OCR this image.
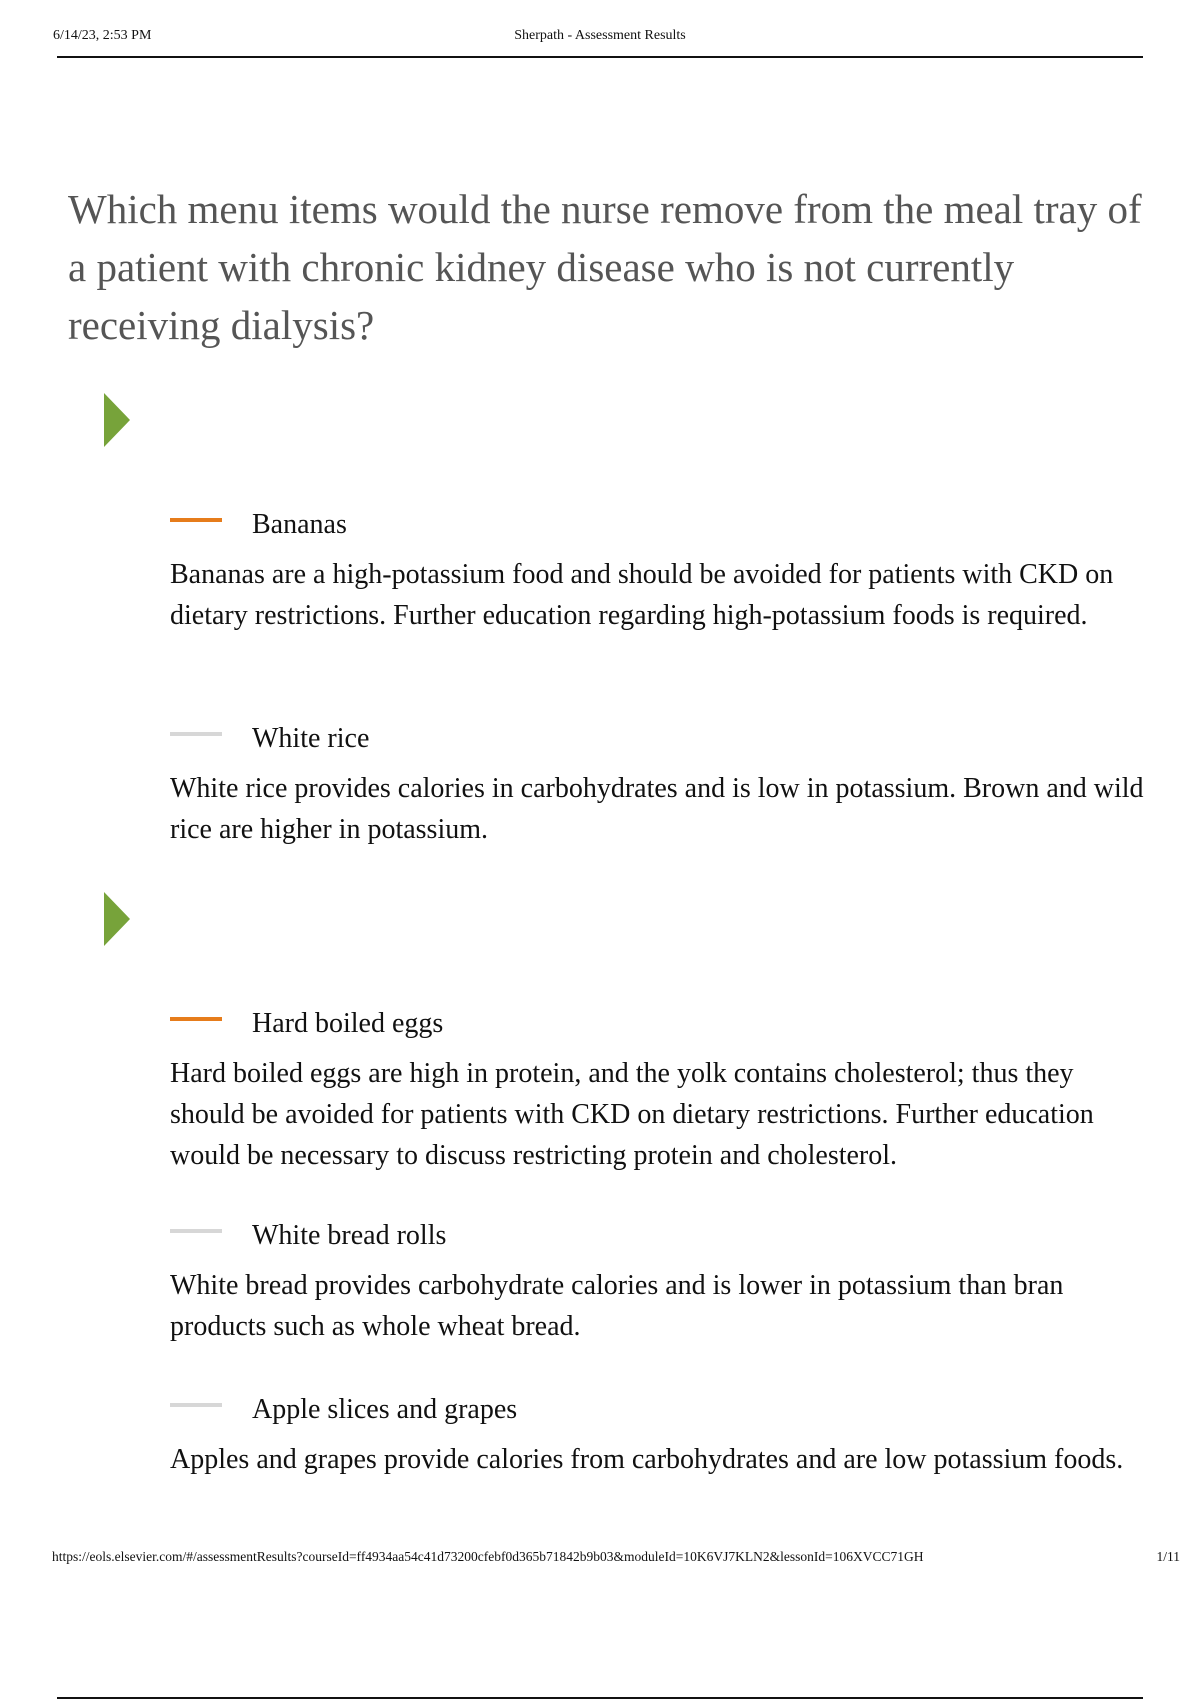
6/14/23, 2:53 PM	Sherpath - Assessment Results
Which menu items would the nurse remove from the meal tray of a patient with chronic kidney disease who is not currently receiving dialysis?
Bananas

Bananas are a high-potassium food and should be avoided for patients with CKD on dietary restrictions. Further education regarding high-potassium foods is required.

White rice

White rice provides calories in carbohydrates and is low in potassium. Brown and wild rice are higher in potassium.

Hard boiled eggs

Hard boiled eggs are high in protein, and the yolk contains cholesterol; thus they should be avoided for patients with CKD on dietary restrictions. Further education would be necessary to discuss restricting protein and cholesterol.

White bread rolls

White bread provides carbohydrate calories and is lower in potassium than bran products such as whole wheat bread.

Apple slices and grapes

Apples and grapes provide calories from carbohydrates and are low potassium foods.

https://eols.elsevier.com/#/assessmentResults?courseId=ff4934aa54c41d73200cfebf0d365b71842b9b03&moduleId=10K6VJ7KLN2&lessonId=106XVCC71GH	1/11
